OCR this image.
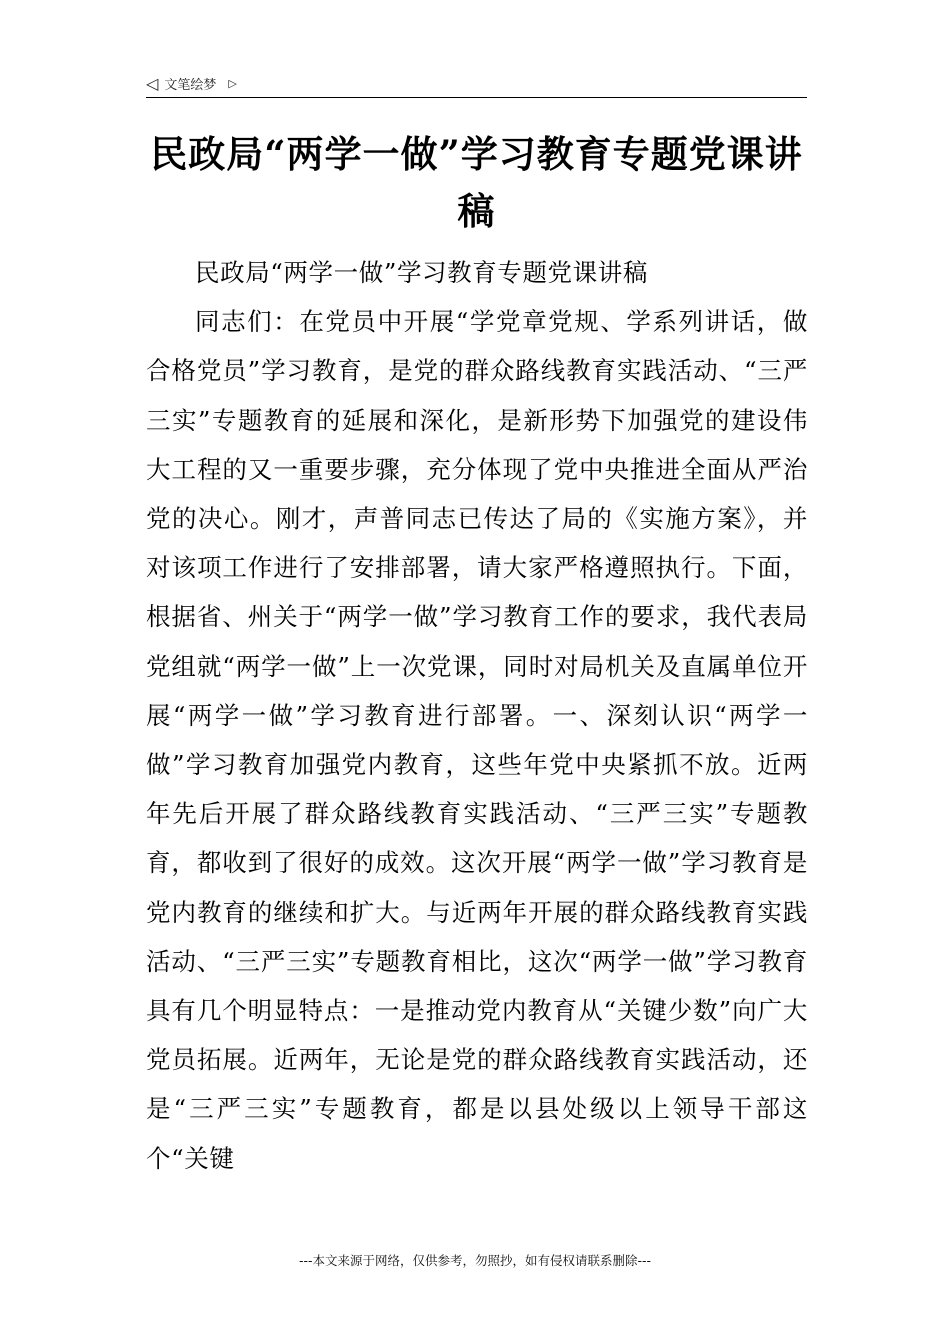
◁ 文笔绘梦 ▷
民政局“两学一做”学习教育专题党课讲稿

民政局“两学一做”学习教育专题党课讲稿

同志们：在党员中开展“学党章党规、学系列讲话，做合格党员”学习教育，是党的群众路线教育实践活动、“三严三实”专题教育的延展和深化，是新形势下加强党的建设伟大工程的又一重要步骤，充分体现了党中央推进全面从严治党的决心。刚才，声普同志已传达了局的《实施方案》，并对该项工作进行了安排部署，请大家严格遵照执行。下面，根据省、州关于“两学一做”学习教育工作的要求，我代表局党组就“两学一做”上一次党课，同时对局机关及直属单位开展“两学一做”学习教育进行部署。一、深刻认识“两学一做”学习教育加强党内教育，这些年党中央紧抓不放。近两年先后开展了群众路线教育实践活动、“三严三实”专题教育，都收到了很好的成效。这次开展“两学一做”学习教育是党内教育的继续和扩大。与近两年开展的群众路线教育实践活动、“三严三实”专题教育相比，这次“两学一做”学习教育具有几个明显特点：一是推动党内教育从“关键少数”向广大党员拓展。近两年，无论是党的群众路线教育实践活动，还是“三严三实”专题教育，都是以县处级以上领导干部这个“关键

---本文来源于网络，仅供参考，勿照抄，如有侵权请联系删除---
